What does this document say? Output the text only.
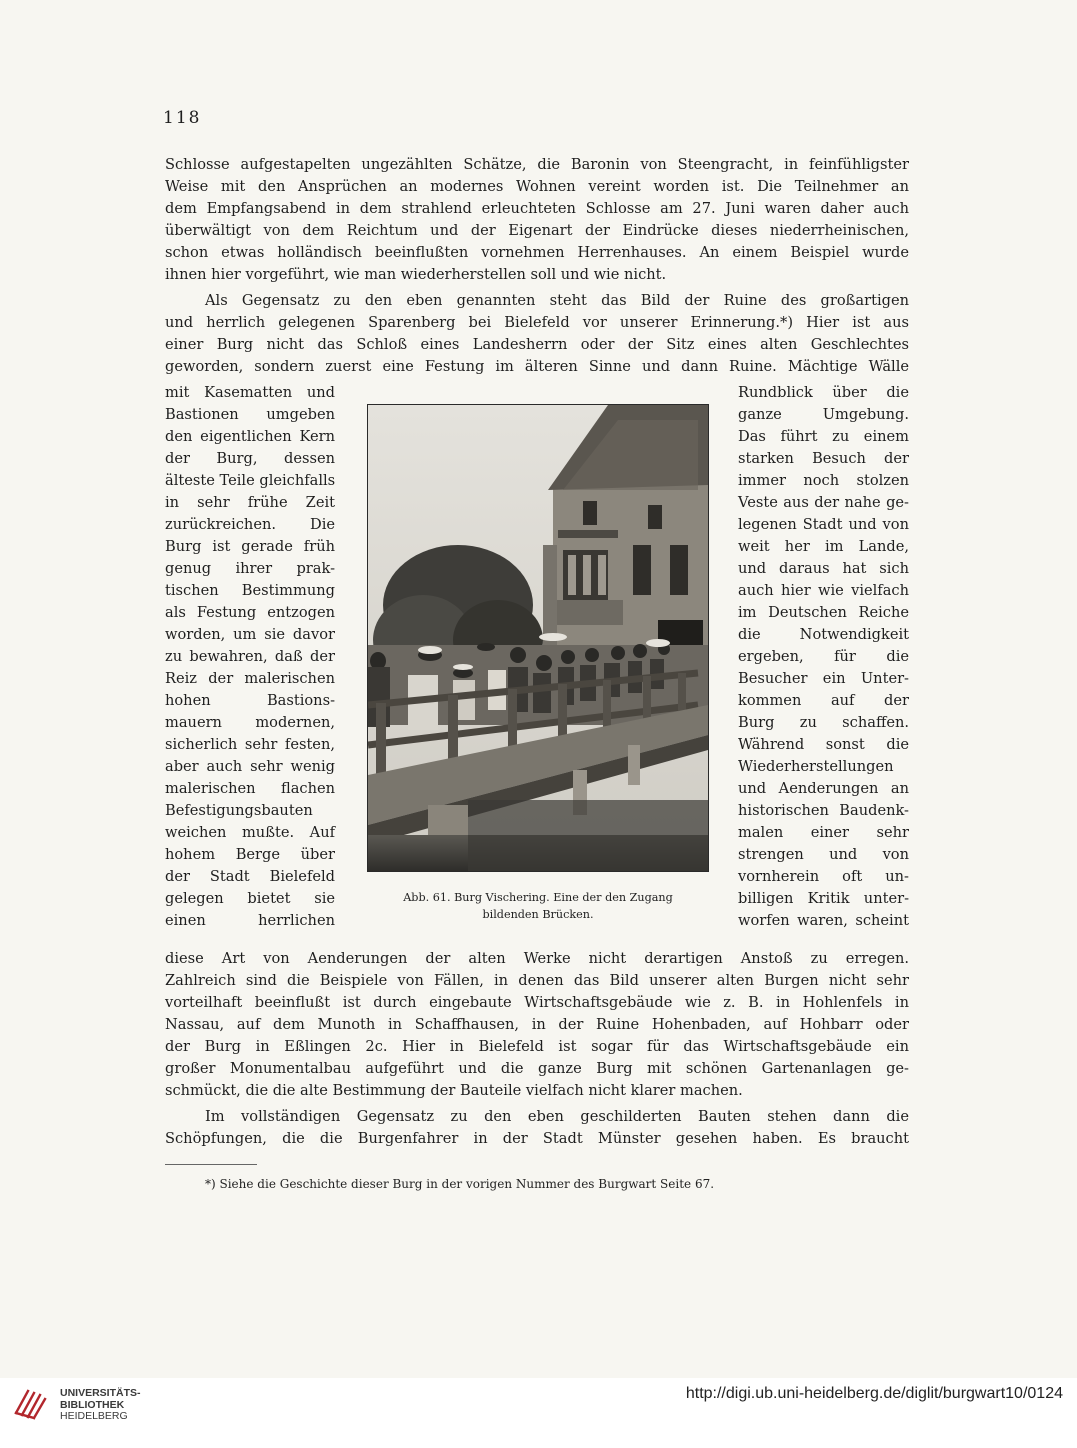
118
Schlosse aufgestapelten ungezählten Schätze, die Baronin von Steengracht, in feinfühligster
Weise mit den Ansprüchen an modernes Wohnen vereint worden ist. Die Teilnehmer an
dem Empfangsabend in dem strahlend erleuchteten Schlosse am 27. Juni waren daher auch
überwältigt von dem Reichtum und der Eigenart der Eindrücke dieses niederrheinischen,
schon etwas holländisch beeinflußten vornehmen Herrenhauses. An einem Beispiel wurde
ihnen hier vorgeführt, wie man wiederherstellen soll und wie nicht.
Als Gegensatz zu den eben genannten steht das Bild der Ruine des großartigen
und herrlich gelegenen Sparenberg bei Bielefeld vor unserer Erinnerung.*) Hier ist aus
einer Burg nicht das Schloß eines Landesherrn oder der Sitz eines alten Geschlechtes
geworden, sondern zuerst eine Festung im älteren Sinne und dann Ruine. Mächtige Wälle
mit Kasematten und
Bastionen umgeben
den eigentlichen Kern
der Burg, dessen
älteste Teile gleichfalls
in sehr frühe Zeit
zurückreichen. Die
Burg ist gerade früh
genug ihrer prak-
tischen Bestimmung
als Festung entzogen
worden, um sie davor
zu bewahren, daß der
Reiz der malerischen
hohen Bastions-
mauern modernen,
sicherlich sehr festen,
aber auch sehr wenig
malerischen flachen
Befestigungsbauten
weichen mußte. Auf
hohem Berge über
der Stadt Bielefeld
gelegen bietet sie
einen herrlichen
Rundblick über die
ganze Umgebung.
Das führt zu einem
starken Besuch der
immer noch stolzen
Veste aus der nahe ge-
legenen Stadt und von
weit her im Lande,
und daraus hat sich
auch hier wie vielfach
im Deutschen Reiche
die Notwendigkeit
ergeben, für die
Besucher ein Unter-
kommen auf der
Burg zu schaffen.
Während sonst die
Wiederherstellungen
und Aenderungen an
historischen Baudenk-
malen einer sehr
strengen und von
vornherein oft un-
billigen Kritik unter-
worfen waren, scheint
Abb. 61. Burg Vischering. Eine der den Zugang
bildenden Brücken.
diese Art von Aenderungen der alten Werke nicht derartigen Anstoß zu erregen.
Zahlreich sind die Beispiele von Fällen, in denen das Bild unserer alten Burgen nicht sehr
vorteilhaft beeinflußt ist durch eingebaute Wirtschaftsgebäude wie z. B. in Hohlenfels in
Nassau, auf dem Munoth in Schaffhausen, in der Ruine Hohenbaden, auf Hohbarr oder
der Burg in Eßlingen 2c. Hier in Bielefeld ist sogar für das Wirtschaftsgebäude ein
großer Monumentalbau aufgeführt und die ganze Burg mit schönen Gartenanlagen ge-
schmückt, die die alte Bestimmung der Bauteile vielfach nicht klarer machen.
Im vollständigen Gegensatz zu den eben geschilderten Bauten stehen dann die
Schöpfungen, die die Burgenfahrer in der Stadt Münster gesehen haben. Es braucht
*) Siehe die Geschichte dieser Burg in der vorigen Nummer des Burgwart Seite 67.
UNIVERSITÄTS-
BIBLIOTHEK
HEIDELBERG
http://digi.ub.uni-heidelberg.de/diglit/burgwart10/0124
